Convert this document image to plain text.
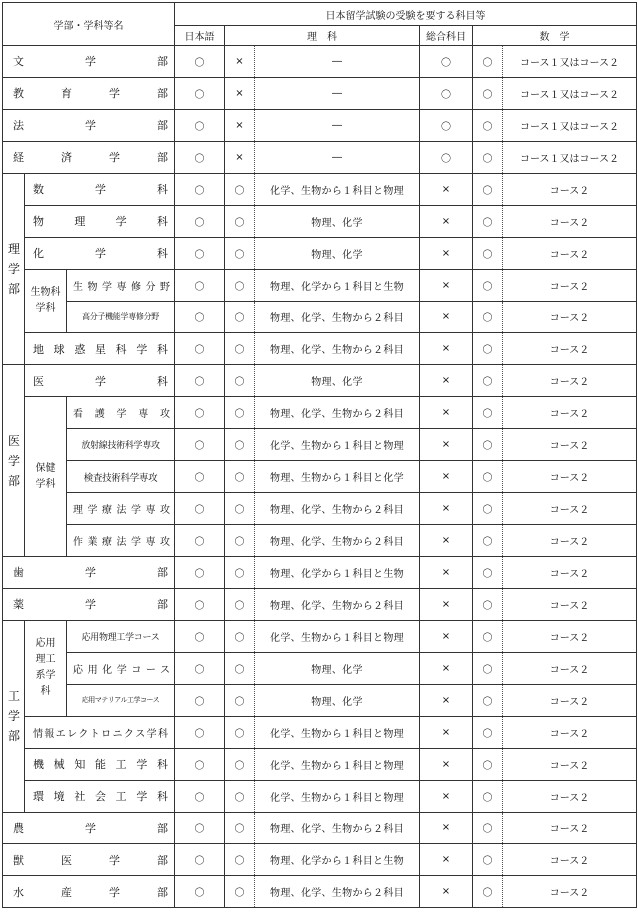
学部・学科等名			日本留学試験の受験を要する科目等					
			日本語	理　科		総合科目	数　学	
文学部			〇	×	―	〇	〇	コース１又はコース２
教育学部			〇	×	―	〇	〇	コース１又はコース２
法学部			〇	×	―	〇	〇	コース１又はコース２
経済学部			〇	×	―	〇	〇	コース１又はコース２
理学部	数学科		〇	〇	化学、生物から１科目と物理	×	〇	コース２
	物理学科		〇	〇	物理、化学	×	〇	コース２
	化学科		〇	〇	物理、化学	×	〇	コース２
	生物科学科	生物学専修分野	〇	〇	物理、化学から１科目と生物	×	〇	コース２
		高分子機能学専修分野	〇	〇	物理、化学、生物から２科目	×	〇	コース２
	地球惑星科学科		〇	〇	物理、化学、生物から２科目	×	〇	コース２
医学部	医学科		〇	〇	物理、化学	×	〇	コース２
	保健学科	看護学専攻	〇	〇	物理、化学、生物から２科目	×	〇	コース２
		放射線技術科学専攻	〇	〇	化学、生物から１科目と物理	×	〇	コース２
		検査技術科学専攻	〇	〇	物理、生物から１科目と化学	×	〇	コース２
		理学療法学専攻	〇	〇	物理、化学、生物から２科目	×	〇	コース２
		作業療法学専攻	〇	〇	物理、化学、生物から２科目	×	〇	コース２
歯学部			〇	〇	物理、化学から１科目と生物	×	〇	コース２
薬学部			〇	〇	物理、化学、生物から２科目	×	〇	コース２
工学部	応用理工系学科	応用物理工学コース	〇	〇	化学、生物から１科目と物理	×	〇	コース２
		応用化学コース	〇	〇	物理、化学	×	〇	コース２
		応用マテリアル工学コース	〇	〇	物理、化学	×	〇	コース２
	情報エレクトロニクス学科		〇	〇	化学、生物から１科目と物理	×	〇	コース２
	機械知能工学科		〇	〇	化学、生物から１科目と物理	×	〇	コース２
	環境社会工学科		〇	〇	化学、生物から１科目と物理	×	〇	コース２
農学部			〇	〇	物理、化学、生物から２科目	×	〇	コース２
獣医学部			〇	〇	物理、化学から１科目と生物	×	〇	コース２
水産学部			〇	〇	物理、化学、生物から２科目	×	〇	コース２
